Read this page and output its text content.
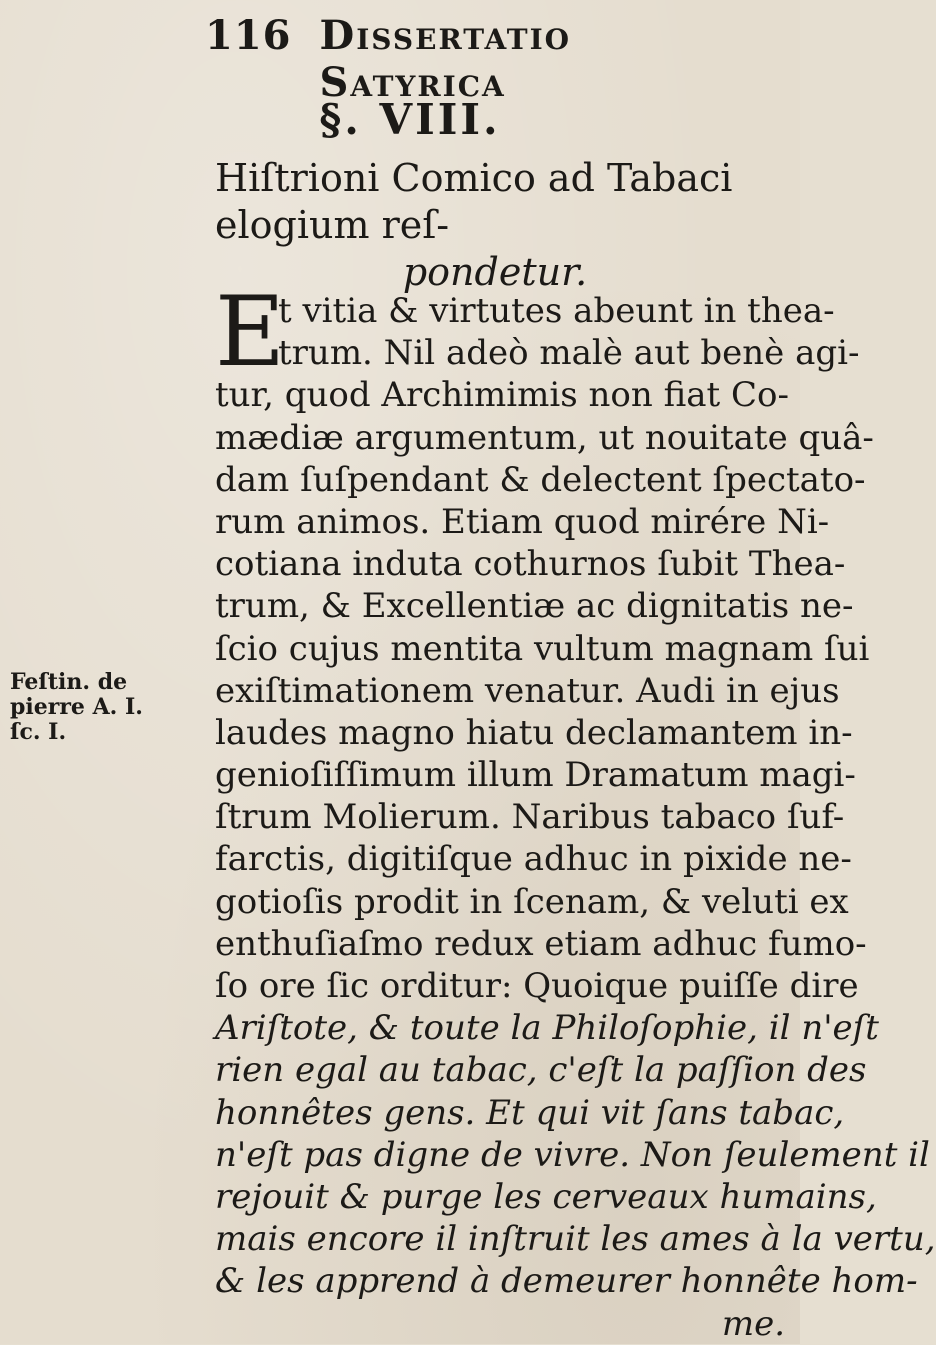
116 Dissertatio Satyrica
§. VIII.
Hiſtrioni Comico ad Tabaci elogium reſ-
pondetur.
Feſtin. de
pierre A. I.
ſc. I.
E
t vitia & virtutes abeunt in thea-
trum. Nil adeò malè aut benè agi-
tur, quod Archimimis non fiat Co-
mædiæ argumentum, ut nouitate quâ-
dam ſuſpendant & delectent ſpectato-
rum animos. Etiam quod mirére Ni-
cotiana induta cothurnos ſubit Thea-
trum, & Excellentiæ ac dignitatis ne-
ſcio cujus mentita vultum magnam ſui
exiſtimationem venatur. Audi in ejus
laudes magno hiatu declamantem in-
genioſiſſimum illum Dramatum magi-
ſtrum Molierum. Naribus tabaco ſuf-
farctis, digitiſque adhuc in pixide ne-
gotioſis prodit in ſcenam, & veluti ex
enthuſiaſmo redux etiam adhuc fumo-
ſo ore ſic orditur: Quoique puiſſe dire
Ariſtote, & toute la Philoſophie, il n'eſt
rien egal au tabac, c'eſt la paſſion des
honnêtes gens. Et qui vit ſans tabac,
n'eſt pas digne de vivre. Non ſeulement il
rejouit & purge les cerveaux humains,
mais encore il inſtruit les ames à la vertu,
& les apprend à demeurer honnête hom-
me.
